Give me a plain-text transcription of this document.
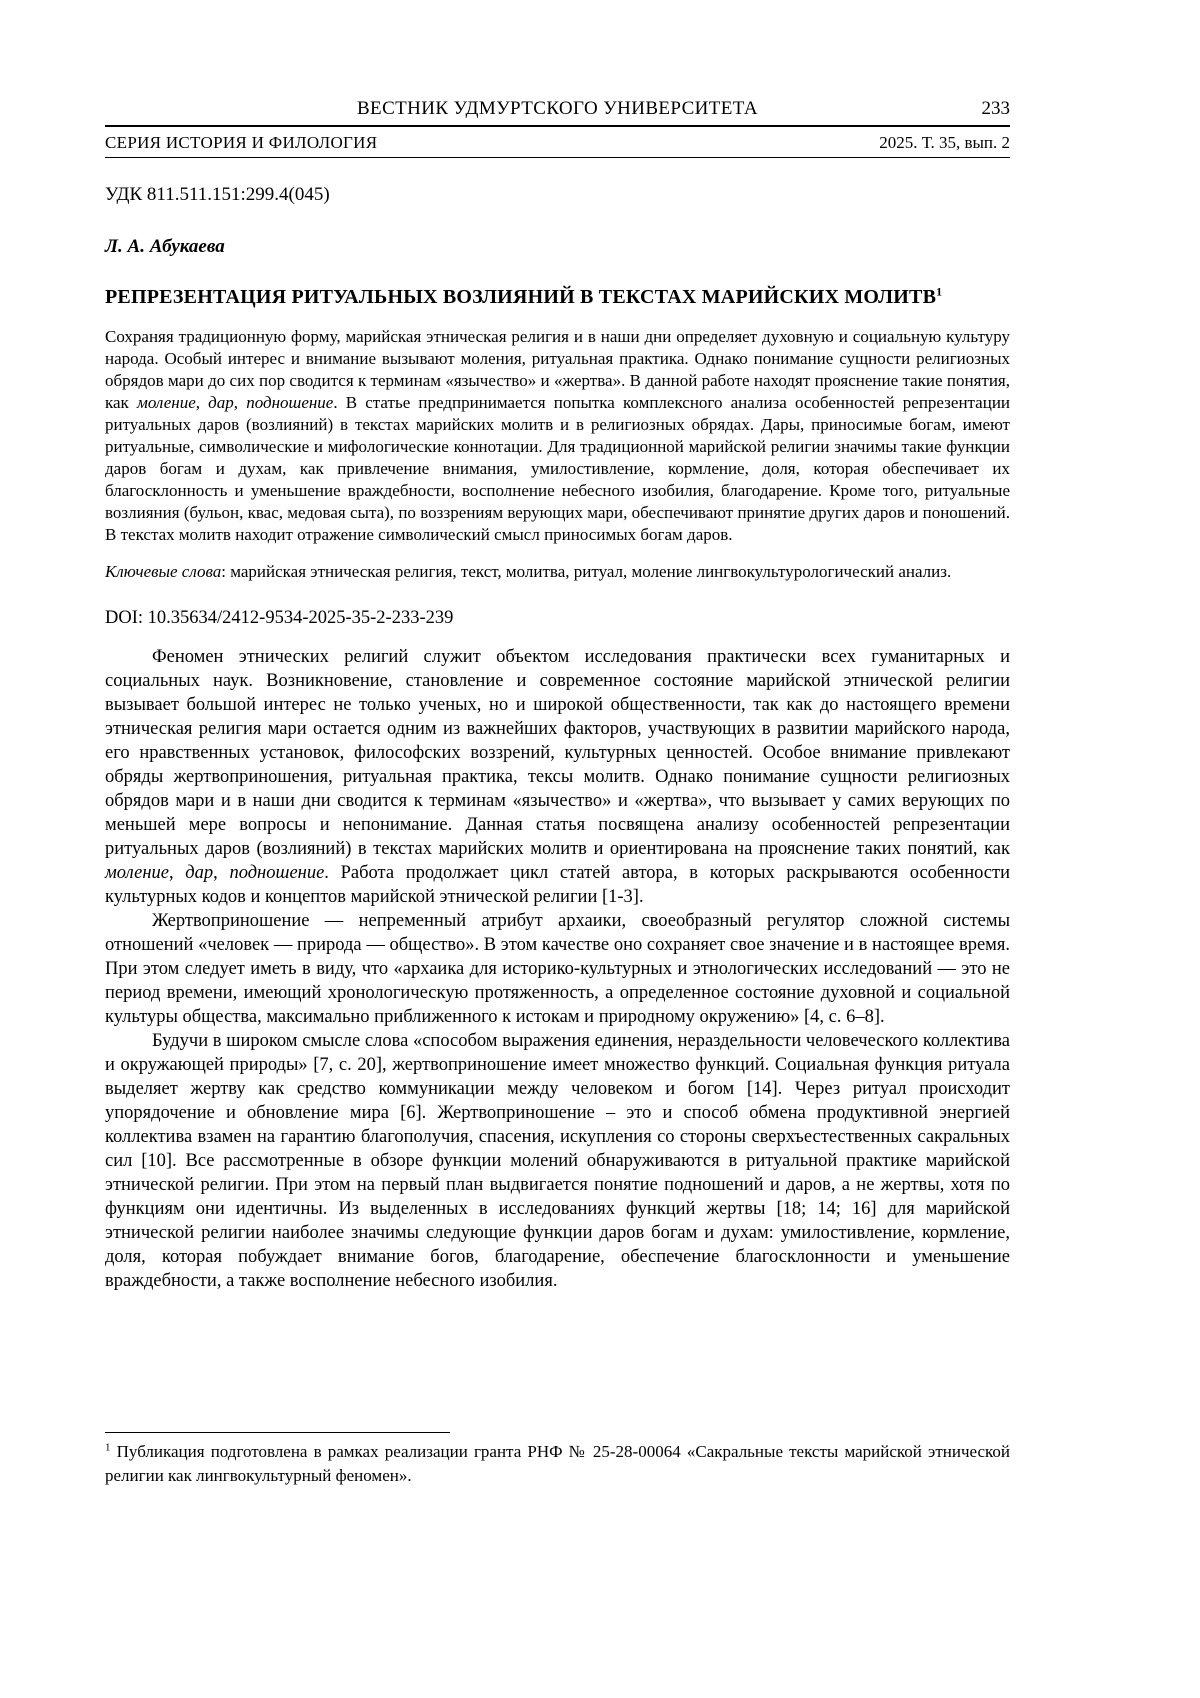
ВЕСТНИК УДМУРТСКОГО УНИВЕРСИТЕТА	233
СЕРИЯ ИСТОРИЯ И ФИЛОЛОГИЯ	2025. Т. 35, вып. 2

УДК 811.511.151:299.4(045)

Л. А. Абукаева

РЕПРЕЗЕНТАЦИЯ РИТУАЛЬНЫХ ВОЗЛИЯНИЙ В ТЕКСТАХ МАРИЙСКИХ МОЛИТВ$^1$

Сохраняя традиционную форму, марийская этническая религия и в наши дни определяет духовную и социальную культуру народа. Особый интерес и внимание вызывают моления, ритуальная практика. Однако понимание сущности религиозных обрядов мари до сих пор сводится к терминам «язычество» и «жертва». В данной работе находят прояснение такие понятия, как моление, дар, подношение. В статье предпринимается попытка комплексного анализа особенностей репрезентации ритуальных даров (возлияний) в текстах марийских молитв и в религиозных обрядах. Дары, приносимые богам, имеют ритуальные, символические и мифологические коннотации. Для традиционной марийской религии значимы такие функции даров богам и духам, как привлечение внимания, умилостивление, кормление, доля, которая обеспечивает их благосклонность и уменьшение враждебности, восполнение небесного изобилия, благодарение. Кроме того, ритуальные возлияния (бульон, квас, медовая сыта), по воззрениям верующих мари, обеспечивают принятие других даров и поношений. В текстах молитв находит отражение символический смысл приносимых богам даров.

Ключевые слова: марийская этническая религия, текст, молитва, ритуал, моление лингвокультурологический анализ.

DOI: 10.35634/2412-9534-2025-35-2-233-239

Феномен этнических религий служит объектом исследования практически всех гуманитарных и социальных наук. Возникновение, становление и современное состояние марийской этнической религии вызывает большой интерес не только ученых, но и широкой общественности, так как до настоящего времени этническая религия мари остается одним из важнейших факторов, участвующих в развитии марийского народа, его нравственных установок, философских воззрений, культурных ценностей. Особое внимание привлекают обряды жертвоприношения, ритуальная практика, тексы молитв. Однако понимание сущности религиозных обрядов мари и в наши дни сводится к терминам «язычество» и «жертва», что вызывает у самих верующих по меньшей мере вопросы и непонимание. Данная статья посвящена анализу особенностей репрезентации ритуальных даров (возлияний) в текстах марийских молитв и ориентирована на прояснение таких понятий, как моление, дар, подношение. Работа продолжает цикл статей автора, в которых раскрываются особенности культурных кодов и концептов марийской этнической религии [1-3].

Жертвоприношение — непременный атрибут архаики, своеобразный регулятор сложной системы отношений «человек — природа — общество». В этом качестве оно сохраняет свое значение и в настоящее время. При этом следует иметь в виду, что «архаика для историко-культурных и этнологических исследований — это не период времени, имеющий хронологическую протяженность, а определенное состояние духовной и социальной культуры общества, максимально приближенного к истокам и природному окружению» [4, с. 6–8].

Будучи в широком смысле слова «способом выражения единения, нераздельности человеческого коллектива и окружающей природы» [7, с. 20], жертвоприношение имеет множество функций. Социальная функция ритуала выделяет жертву как средство коммуникации между человеком и богом [14]. Через ритуал происходит упорядочение и обновление мира [6]. Жертвоприношение – это и способ обмена продуктивной энергией коллектива взамен на гарантию благополучия, спасения, искупления со стороны сверхъестественных сакральных сил [10]. Все рассмотренные в обзоре функции молений обнаруживаются в ритуальной практике марийской этнической религии. При этом на первый план выдвигается понятие подношений и даров, а не жертвы, хотя по функциям они идентичны. Из выделенных в исследованиях функций жертвы [18; 14; 16] для марийской этнической религии наиболее значимы следующие функции даров богам и духам: умилостивление, кормление, доля, которая побуждает внимание богов, благодарение, обеспечение благосклонности и уменьшение враждебности, а также восполнение небесного изобилия.

$^1$ Публикация подготовлена в рамках реализации гранта РНФ № 25-28-00064 «Сакральные тексты марийской этнической религии как лингвокультурный феномен».
